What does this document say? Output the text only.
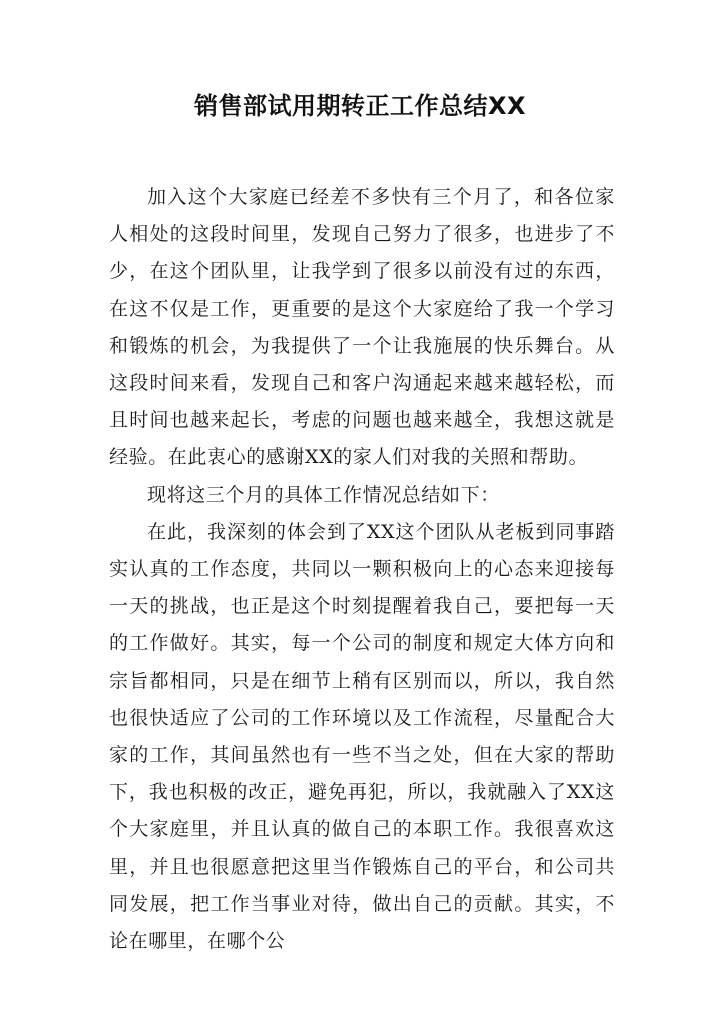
销售部试用期转正工作总结XX

加入这个大家庭已经差不多快有三个月了，和各位家人相处的这段时间里，发现自己努力了很多，也进步了不少，在这个团队里，让我学到了很多以前没有过的东西，在这不仅是工作，更重要的是这个大家庭给了我一个学习和锻炼的机会，为我提供了一个让我施展的快乐舞台。从这段时间来看，发现自己和客户沟通起来越来越轻松，而且时间也越来起长，考虑的问题也越来越全，我想这就是经验。在此衷心的感谢XX的家人们对我的关照和帮助。

现将这三个月的具体工作情况总结如下：

在此，我深刻的体会到了XX这个团队从老板到同事踏实认真的工作态度，共同以一颗积极向上的心态来迎接每一天的挑战，也正是这个时刻提醒着我自己，要把每一天的工作做好。其实，每一个公司的制度和规定大体方向和宗旨都相同，只是在细节上稍有区别而以，所以，我自然也很快适应了公司的工作环境以及工作流程，尽量配合大家的工作，其间虽然也有一些不当之处，但在大家的帮助下，我也积极的改正，避免再犯，所以，我就融入了XX这个大家庭里，并且认真的做自己的本职工作。我很喜欢这里，并且也很愿意把这里当作锻炼自己的平台，和公司共同发展，把工作当事业对待，做出自己的贡献。其实，不论在哪里，在哪个公
